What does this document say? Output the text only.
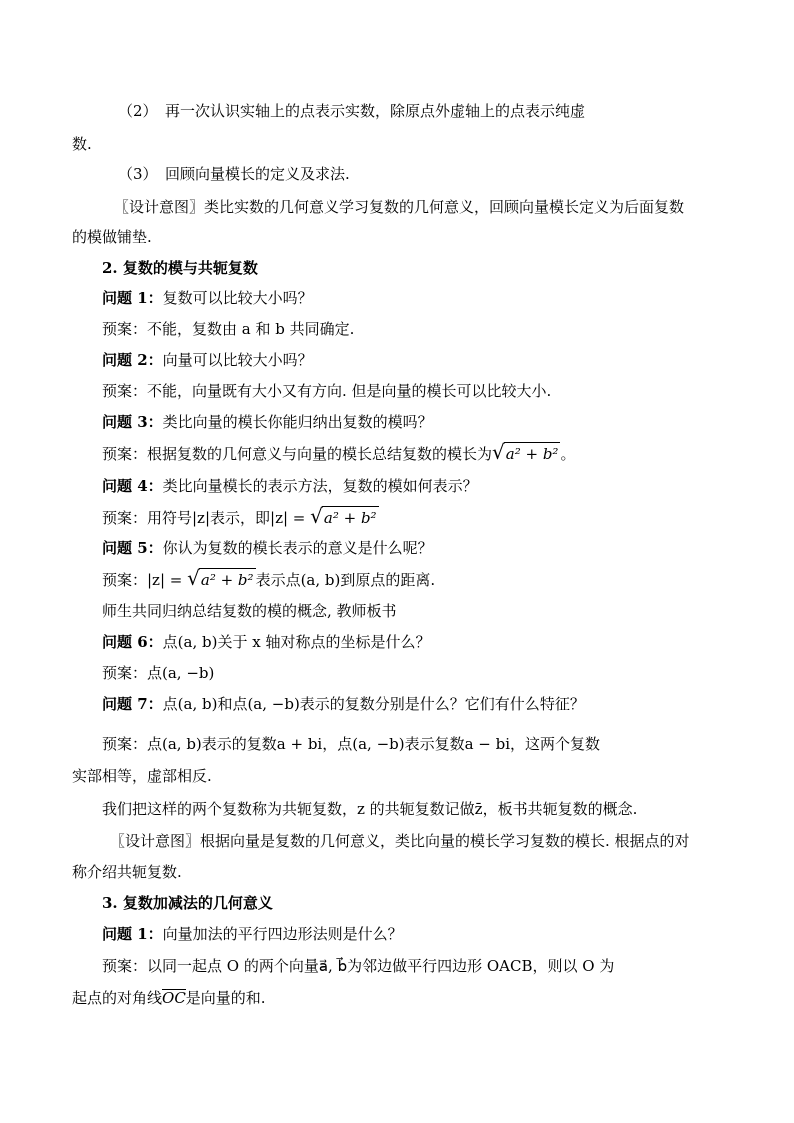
（2）　再一次认识实轴上的点表示实数，除原点外虚轴上的点表示纯虚

数.

（3）　回顾向量模长的定义及求法.

〖设计意图〗类比实数的几何意义学习复数的几何意义，回顾向量模长定义为后面复数

的模做铺垫.

2. 复数的模与共轭复数

问题 1：复数可以比较大小吗？

预案：不能，复数由 a 和 b 共同确定.

问题 2：向量可以比较大小吗？

预案：不能，向量既有大小又有方向. 但是向量的模长可以比较大小.

问题 3：类比向量的模长你能归纳出复数的模吗？

预案：根据复数的几何意义与向量的模长总结复数的模长为 √ a² + b² 。

问题 4：类比向量模长的表示方法，复数的模如何表示？

预案：用符号|z|表示，即|z| = √ a² + b²

问题 5：你认为复数的模长表示的意义是什么呢？

预案：|z| = √ a² + b² 表示点(a, b)到原点的距离.

师生共同归纳总结复数的模的概念, 教师板书

问题 6：点(a, b)关于 x 轴对称点的坐标是什么？

预案：点(a, −b)

问题 7：点(a, b)和点(a, −b)表示的复数分别是什么？它们有什么特征？

预案：点(a, b)表示的复数a + bi，点(a, −b)表示复数a − bi，这两个复数

实部相等，虚部相反.

我们把这样的两个复数称为共轭复数，z 的共轭复数记做z̄，板书共轭复数的概念.

〖设计意图〗根据向量是复数的几何意义，类比向量的模长学习复数的模长. 根据点的对

称介绍共轭复数.

3. 复数加减法的几何意义

问题 1：向量加法的平行四边形法则是什么？

预案：以同一起点 O 的两个向量a⃗, b⃗为邻边做平行四边形 OACB，则以 O 为

起点的对角线OC是向量的和.
